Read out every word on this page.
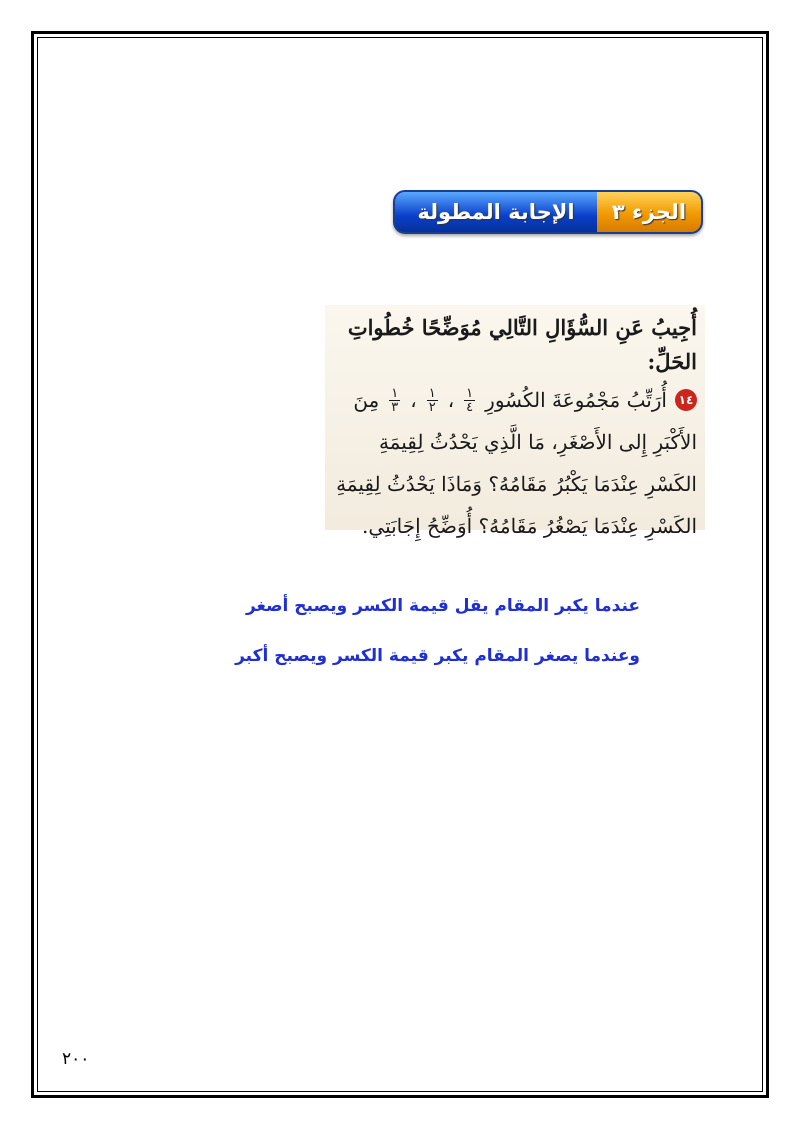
الجزء ٣
الإجابة المطولة
أُجِيبُ عَنِ السُّؤَالِ التَّالِي مُوَضِّحًا خُطُواتِ الحَلِّ:
١٤
أُرَتِّبُ مَجْمُوعَةَ الكُسُورِ
$\frac{١}{٤}$
،
$\frac{١}{٢}$
،
$\frac{١}{٣}$
مِنَ
الأَكْبَرِ إِلى الأَصْغَرِ، مَا الَّذِي يَحْدُثُ لِقِيمَةِ
الكَسْرِ عِنْدَمَا يَكْبُرُ مَقَامُهُ؟ وَمَاذَا يَحْدُثُ لِقِيمَةِ
الكَسْرِ عِنْدَمَا يَصْغُرُ مَقَامُهُ؟ أُوَضِّحُ إِجَابَتِي.
عندما يكبر المقام يقل قيمة الكسر ويصبح أصغر
وعندما يصغر المقام يكبر قيمة الكسر ويصبح أكبر
٢٠٠
